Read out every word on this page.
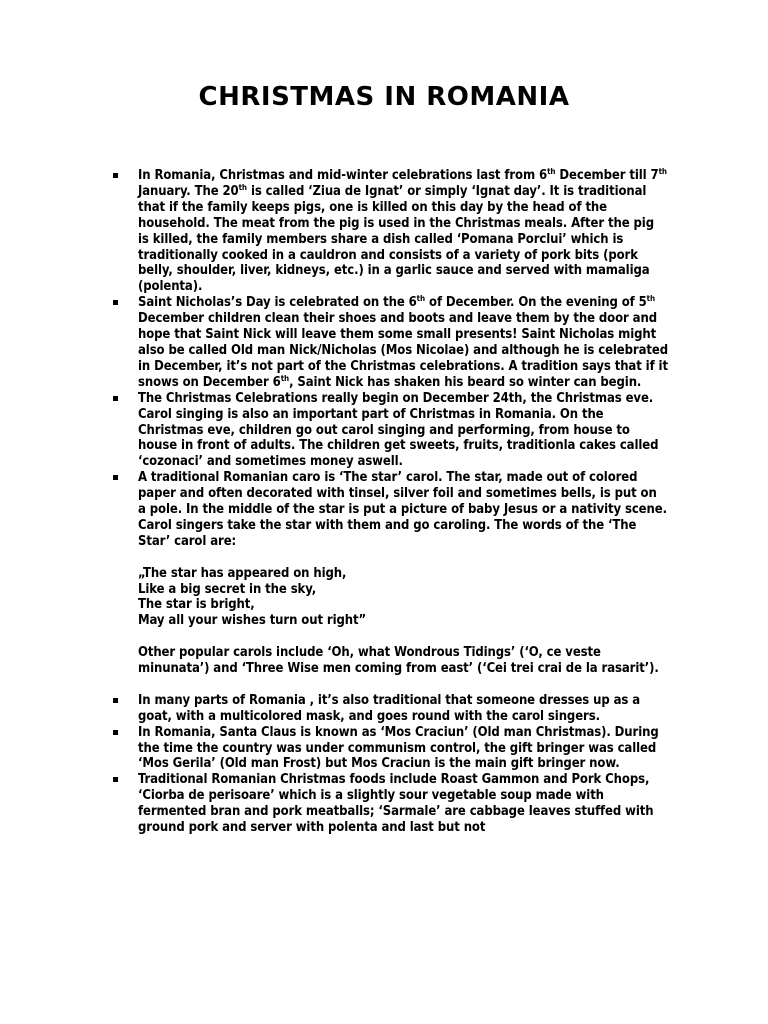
CHRISTMAS IN ROMANIA
In Romania, Christmas and mid-winter celebrations last from 6th December till 7th January. The 20th is called ‘Ziua de Ignat’ or simply ‘Ignat day’. It is traditional that if the family keeps pigs, one is killed on this day by the head of the household. The meat from the pig is used in the Christmas meals. After the pig is killed, the family members share a dish called ‘Pomana Porclui’ which is traditionally cooked in a cauldron and consists of a variety of pork bits (pork belly, shoulder, liver, kidneys, etc.) in a garlic sauce and served with mamaliga (polenta).
Saint Nicholas’s Day is celebrated on the 6th of December. On the evening of 5th December children clean their shoes and boots and leave them by the door and hope that Saint Nick will leave them some small presents! Saint Nicholas might also be called Old man Nick/Nicholas (Mos Nicolae) and although he is celebrated in December, it’s not part of the Christmas celebrations. A tradition says that if it snows on December 6th, Saint Nick has shaken his beard so winter can begin.
The Christmas Celebrations really begin on December 24th, the Christmas eve. Carol singing is also an important part of Christmas in Romania. On the Christmas eve, children go out carol singing and performing, from house to house in front of adults. The children get sweets, fruits, traditionla cakes called ‘cozonaci’ and sometimes money aswell.
A traditional Romanian caro is ‘The star’ carol. The star, made out of colored paper and often decorated with tinsel, silver foil and sometimes bells, is put on a pole. In the middle of the star is put a picture of baby Jesus or a nativity scene. Carol singers take the star with them and go caroling. The words of the ‘The Star’ carol are:
„The star has appeared on high,
Like a big secret in the sky,
The star is bright,
May all your wishes turn out right”
Other popular carols include ‘Oh, what Wondrous Tidings’ (‘O, ce veste minunata’) and ‘Three Wise men coming from east’ (‘Cei trei crai de la rasarit’).
In many parts of Romania , it’s also traditional that someone dresses up as a goat, with a multicolored mask, and goes round with the carol singers.
In Romania, Santa Claus is known as ‘Mos Craciun’ (Old man Christmas). During the time the country was under communism control, the gift bringer was called ‘Mos Gerila’ (Old man Frost) but Mos Craciun is the main gift bringer now.
Traditional Romanian Christmas foods include Roast Gammon and Pork Chops, ‘Ciorba de perisoare’ which is a slightly sour vegetable soup made with fermented bran and pork meatballs; ‘Sarmale’ are cabbage leaves stuffed with ground pork and server with polenta and last but not
